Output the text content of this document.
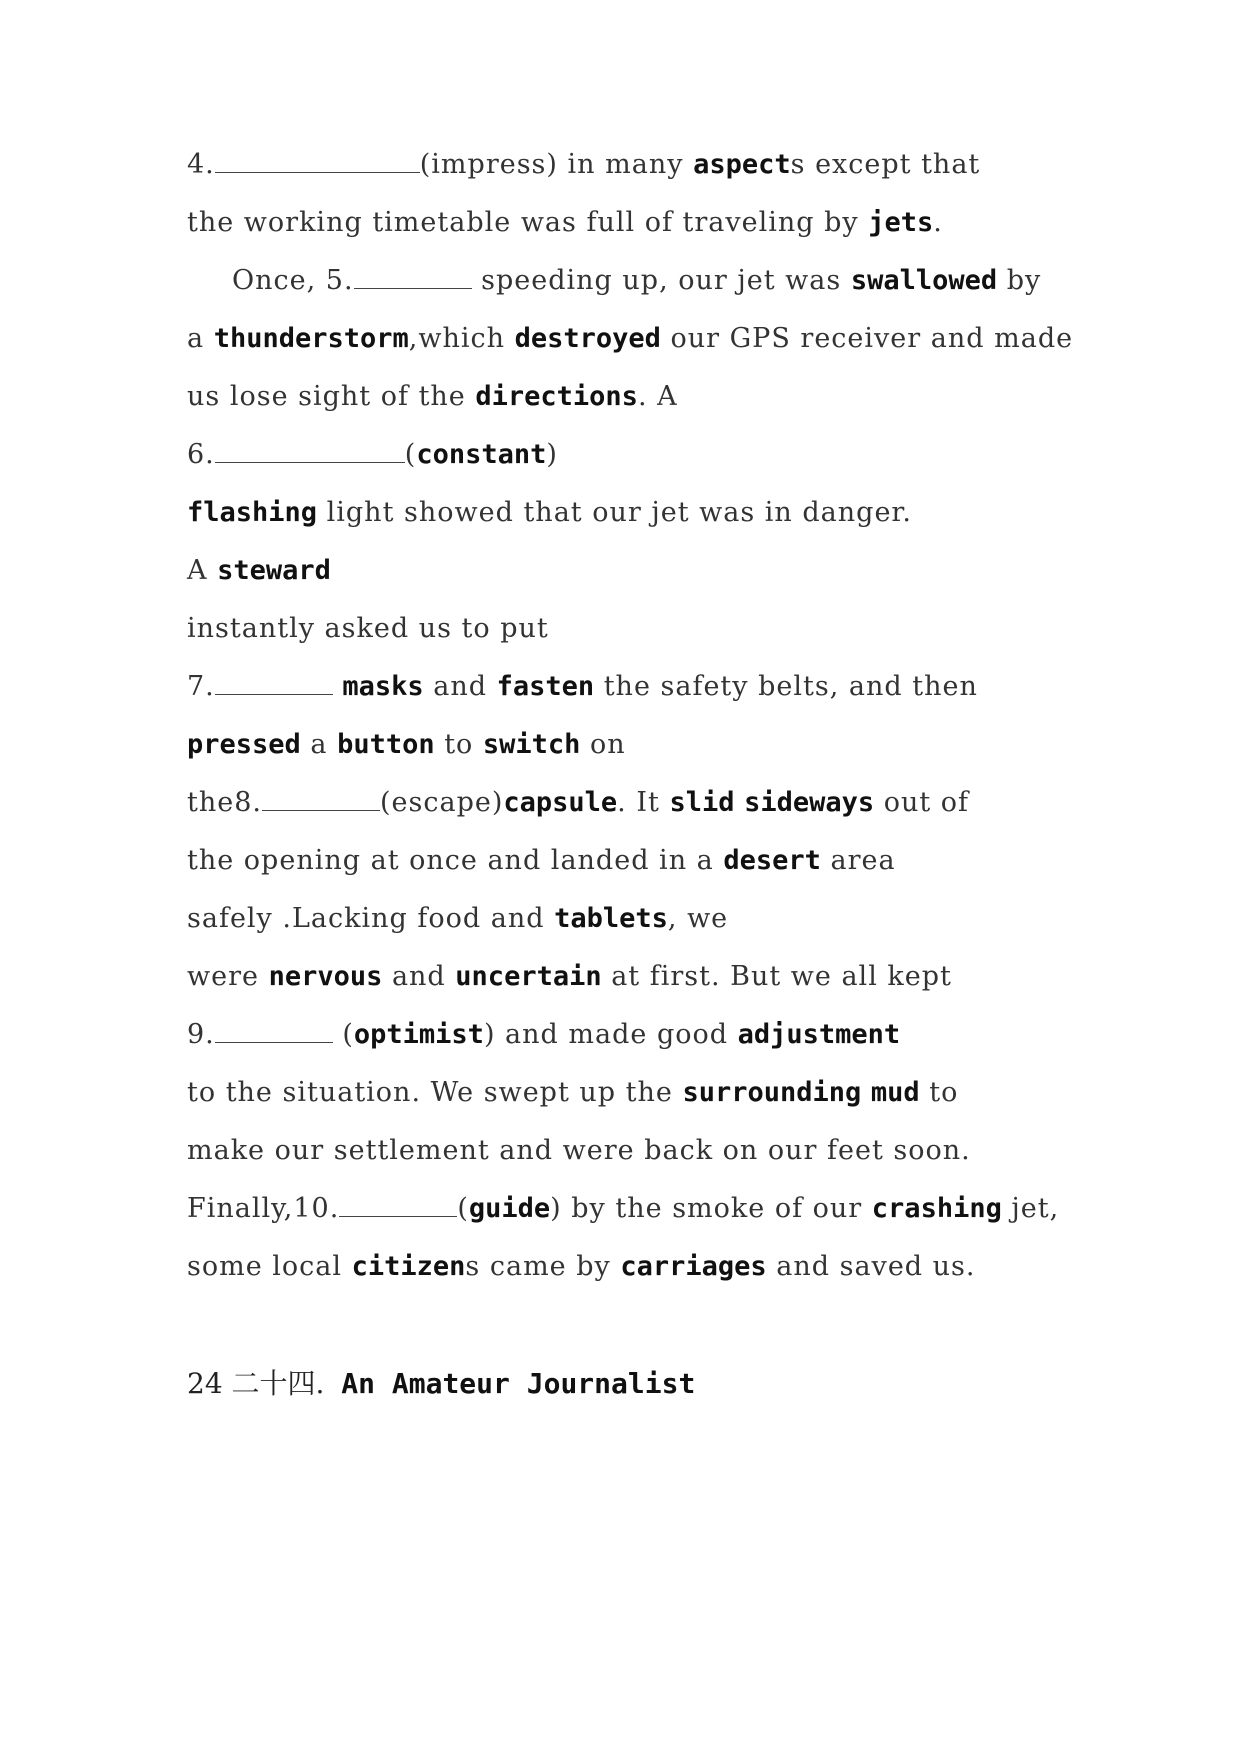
4.	(impress) in many aspects except that
the working timetable was full of traveling by jets.
Once, 5.	speeding up, our jet was swallowed by
a thunderstorm,which destroyed our GPS receiver and made
us lose sight of the directions. A
6.	(constant)
flashing light showed that our jet was in danger.
A steward
instantly asked us to put
7.	masks and fasten the safety belts, and then
pressed a button to switch on
the8.	(escape)capsule. It slid sideways out of
the opening at once and landed in a desert area
safely .Lacking food and tablets, we
were nervous and uncertain at first. But we all kept
9.	(optimist) and made good adjustment
to the situation. We swept up the surrounding mud to
make our settlement and were back on our feet soon.
Finally,10.	(guide) by the smoke of our crashing jet,
some local citizens came by carriages and saved us.
24 二十四. An Amateur Journalist
